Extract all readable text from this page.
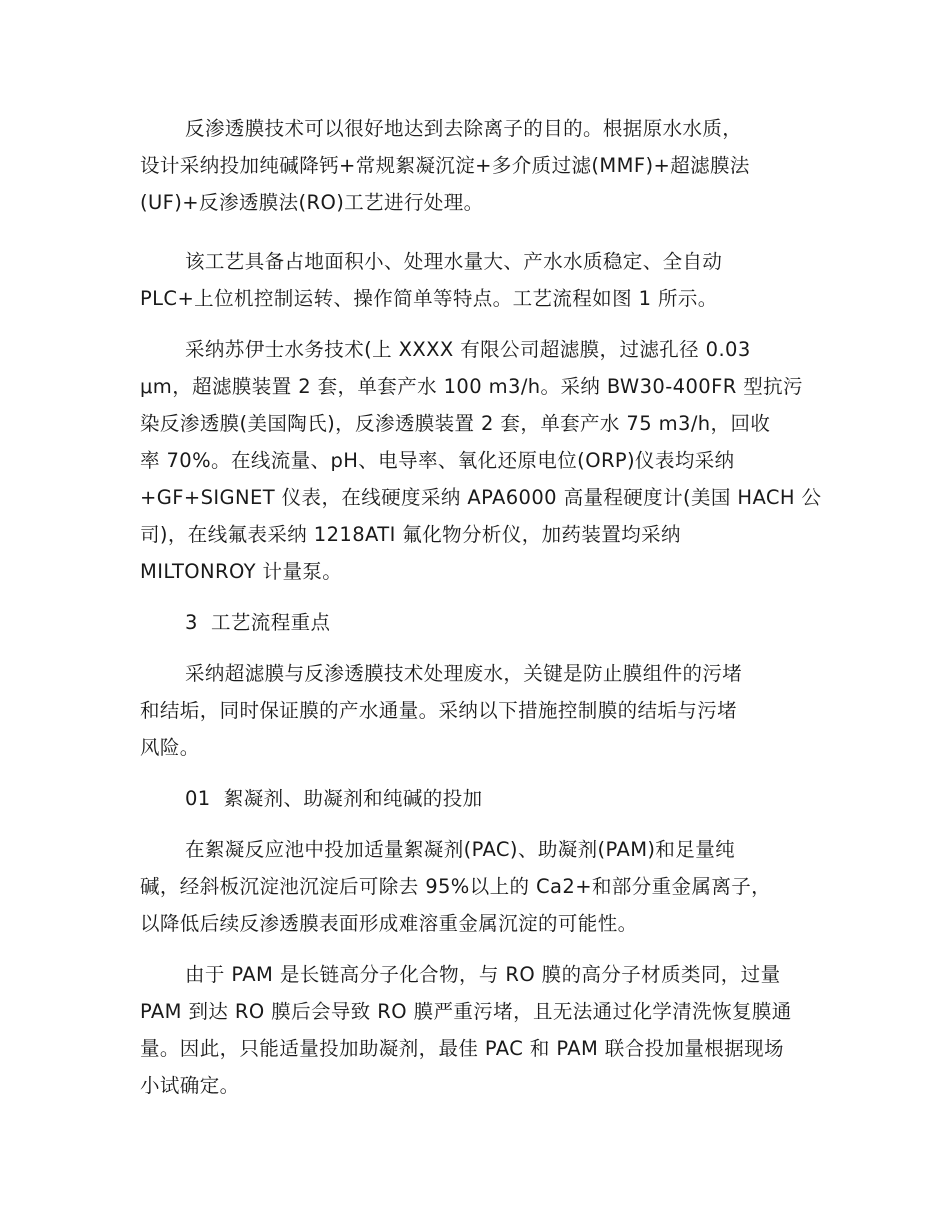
反渗透膜技术可以很好地达到去除离子的目的。根据原水水质，
设计采纳投加纯碱降钙+常规絮凝沉淀+多介质过滤(MMF)+超滤膜法
(UF)+反渗透膜法(RO)工艺进行处理。

该工艺具备占地面积小、处理水量大、产水水质稳定、全自动
PLC+上位机控制运转、操作简单等特点。工艺流程如图 1 所示。

采纳苏伊士水务技术(上 XXXX 有限公司超滤膜，过滤孔径 0.03
μm，超滤膜装置 2 套，单套产水 100 m3/h。采纳 BW30-400FR 型抗污
染反渗透膜(美国陶氏)，反渗透膜装置 2 套，单套产水 75 m3/h，回收
率 70%。在线流量、pH、电导率、氧化还原电位(ORP)仪表均采纳
+GF+SIGNET 仪表，在线硬度采纳 APA6000 高量程硬度计(美国 HACH 公
司)，在线氟表采纳 1218ATI 氟化物分析仪，加药装置均采纳
MILTONROY 计量泵。

3  工艺流程重点

采纳超滤膜与反渗透膜技术处理废水，关键是防止膜组件的污堵
和结垢，同时保证膜的产水通量。采纳以下措施控制膜的结垢与污堵
风险。

01  絮凝剂、助凝剂和纯碱的投加

在絮凝反应池中投加适量絮凝剂(PAC)、助凝剂(PAM)和足量纯
碱，经斜板沉淀池沉淀后可除去 95%以上的 Ca2+和部分重金属离子，
以降低后续反渗透膜表面形成难溶重金属沉淀的可能性。

由于 PAM 是长链高分子化合物，与 RO 膜的高分子材质类同，过量
PAM 到达 RO 膜后会导致 RO 膜严重污堵，且无法通过化学清洗恢复膜通
量。因此，只能适量投加助凝剂，最佳 PAC 和 PAM 联合投加量根据现场
小试确定。
